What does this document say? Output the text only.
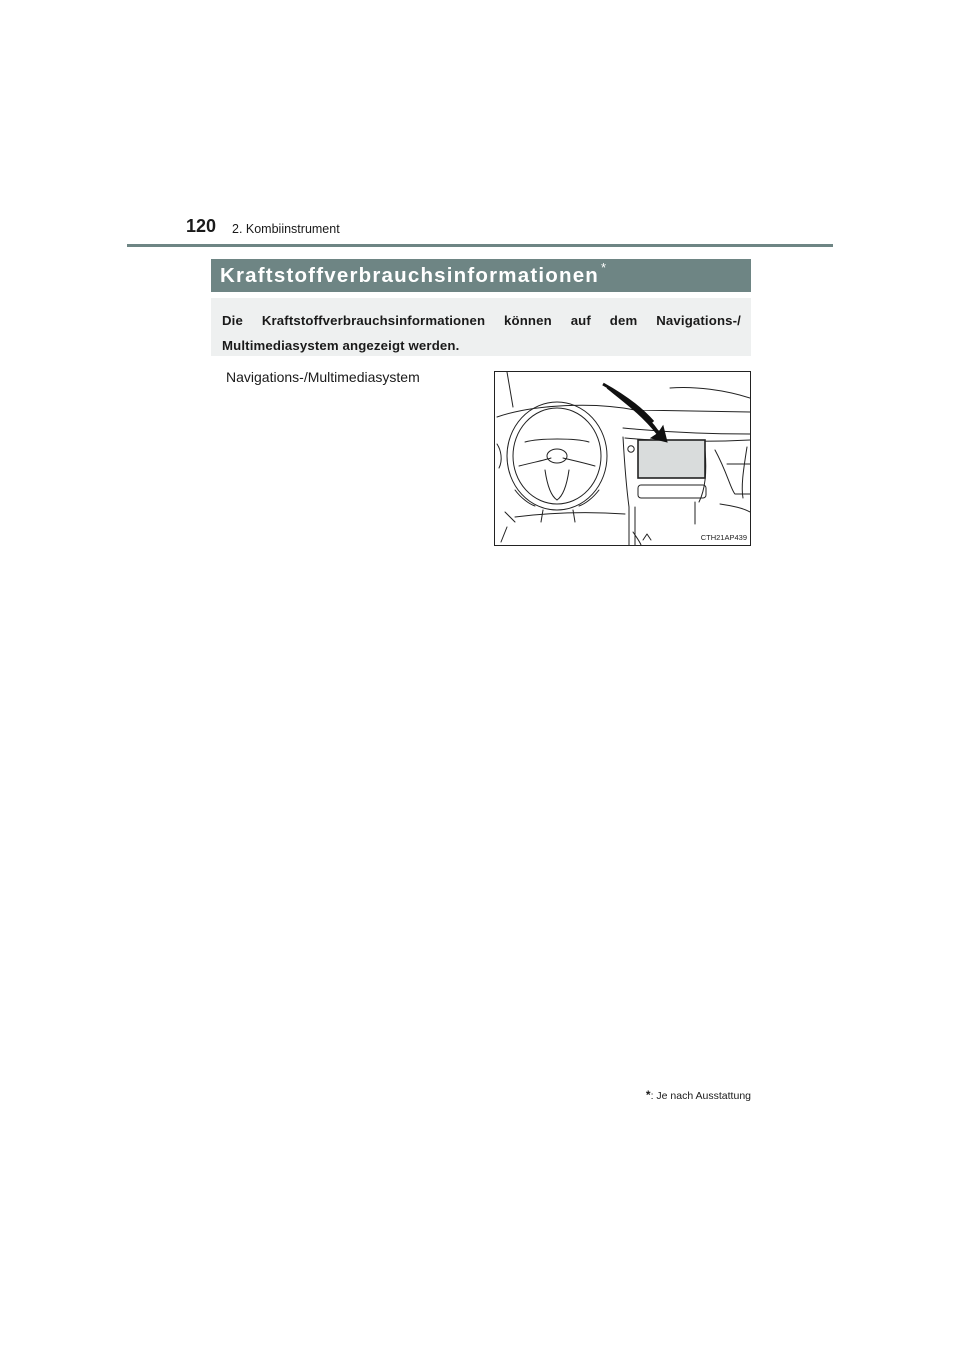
120 2. Kombiinstrument
Kraftstoffverbrauchsinformationen *

Die Kraftstoffverbrauchsinformationen können auf dem Navigations-/ Multimediasystem angezeigt werden.

Navigations-/Multimediasystem
CTH21AP439
*: Je nach Ausstattung
